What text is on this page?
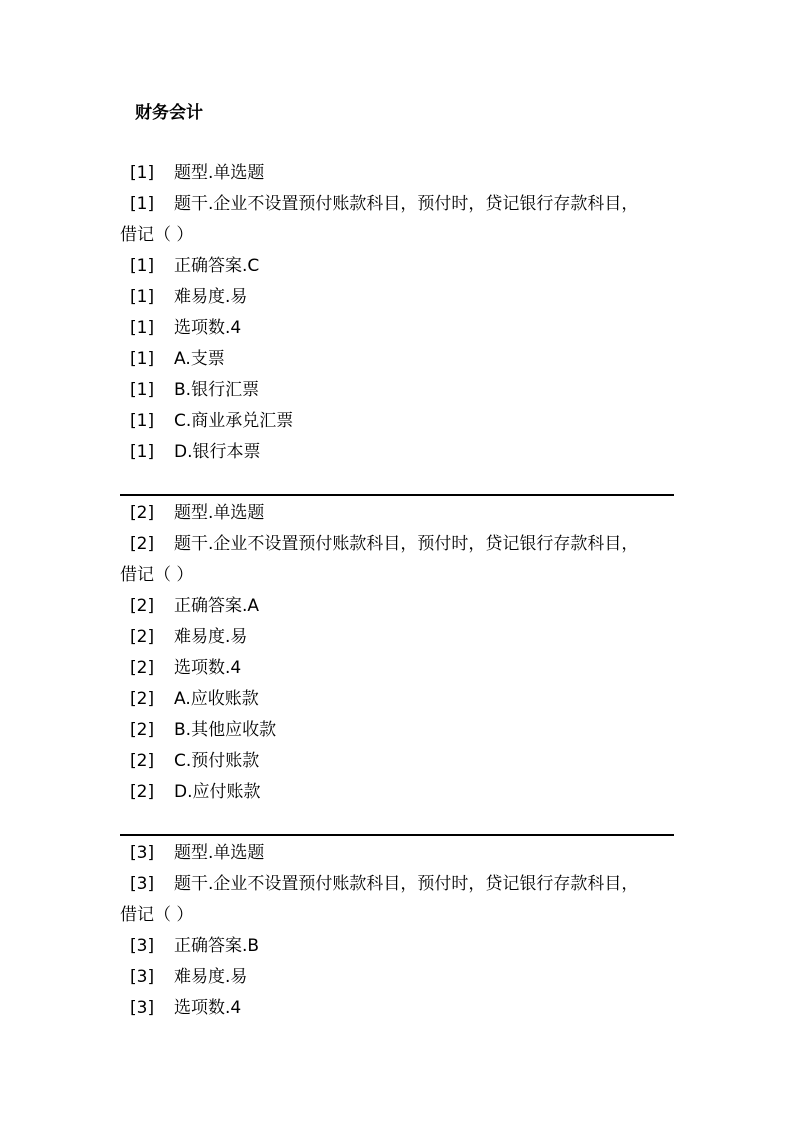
财务会计
[1] 题型.单选题
[1] 题干.企业不设置预付账款科目，预付时，贷记银行存款科目，
借记（ ）
[1] 正确答案.C
[1] 难易度.易
[1] 选项数.4
[1] A.支票
[1] B.银行汇票
[1] C.商业承兑汇票
[1] D.银行本票
[2] 题型.单选题
[2] 题干.企业不设置预付账款科目，预付时，贷记银行存款科目，
借记（ ）
[2] 正确答案.A
[2] 难易度.易
[2] 选项数.4
[2] A.应收账款
[2] B.其他应收款
[2] C.预付账款
[2] D.应付账款
[3] 题型.单选题
[3] 题干.企业不设置预付账款科目，预付时，贷记银行存款科目，
借记（ ）
[3] 正确答案.B
[3] 难易度.易
[3] 选项数.4
